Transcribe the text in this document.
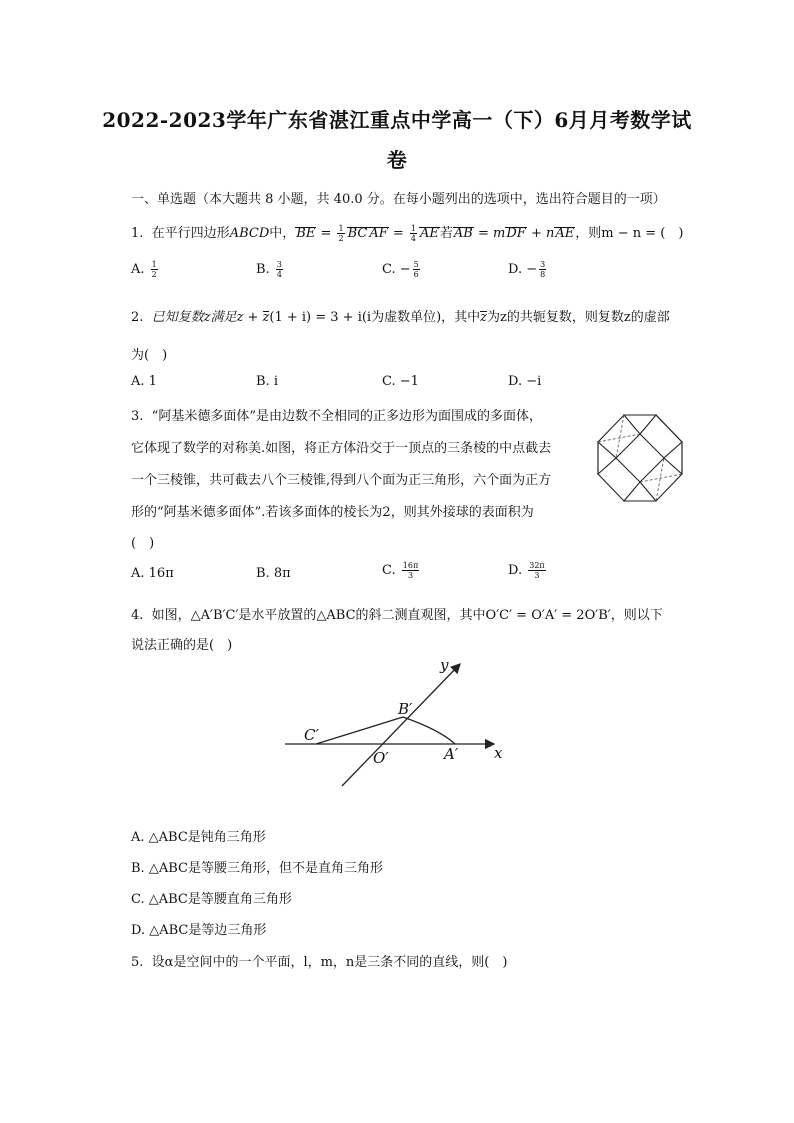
2022-2023学年广东省湛江重点中学高一（下）6月月考数学试
卷
一、单选题（本大题共 8 小题，共 40.0 分。在每小题列出的选项中，选出符合题目的一项）
1. 在平行四边形ABCD中，BE = $\frac{1}{2}$ BC AF = $\frac{1}{4}$ AE若AB = mDF + nAE，则m − n = (　)
A. $\frac{1}{2}$	B. $\frac{3}{4}$	C. − $\frac{5}{6}$	D. − $\frac{3}{8}$
2. 已知复数z满足z + z(1 + i) = 3 + i(i为虚数单位)，其中z为z的共轭复数，则复数z的虚部
为(　)
A. 1	B. i	C. −1	D. −i
3. “阿基米德多面体”是由边数不全相同的正多边形为面围成的多面体，
它体现了数学的对称美.如图，将正方体沿交于一顶点的三条棱的中点截去
一个三棱锥，共可截去八个三棱锥,得到八个面为正三角形，六个面为正方
形的“阿基米德多面体”.若该多面体的棱长为2，则其外接球的表面积为
(　)
A. 16π	B. 8π	C. $\frac{16\pi}{3}$	D. $\frac{32\pi}{3}$
4. 如图，△A′B′C′是水平放置的△ABC的斜二测直观图，其中O′C′ = O′A′ = 2O′B′，则以下
说法正确的是(　)
y
x
B′
C′
O′	A′
A. △ABC是钝角三角形
B. △ABC是等腰三角形，但不是直角三角形
C. △ABC是等腰直角三角形
D. △ABC是等边三角形
5. 设α是空间中的一个平面，l，m，n是三条不同的直线，则(　)
